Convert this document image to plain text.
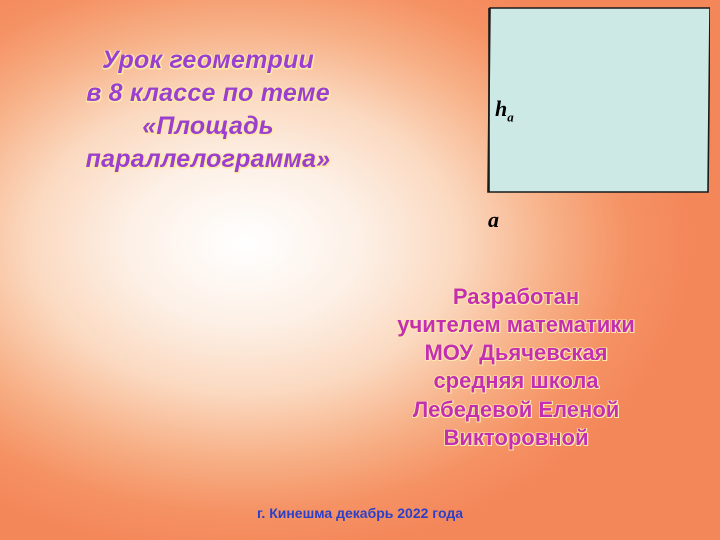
Урок геометрии
в 8 классе по теме
«Площадь
параллелограмма»
$h_a$
a
Разработан
учителем математики
МОУ Дьячевская
средняя школа
Лебедевой Еленой
Викторовной
г. Кинешма декабрь 2022 года
